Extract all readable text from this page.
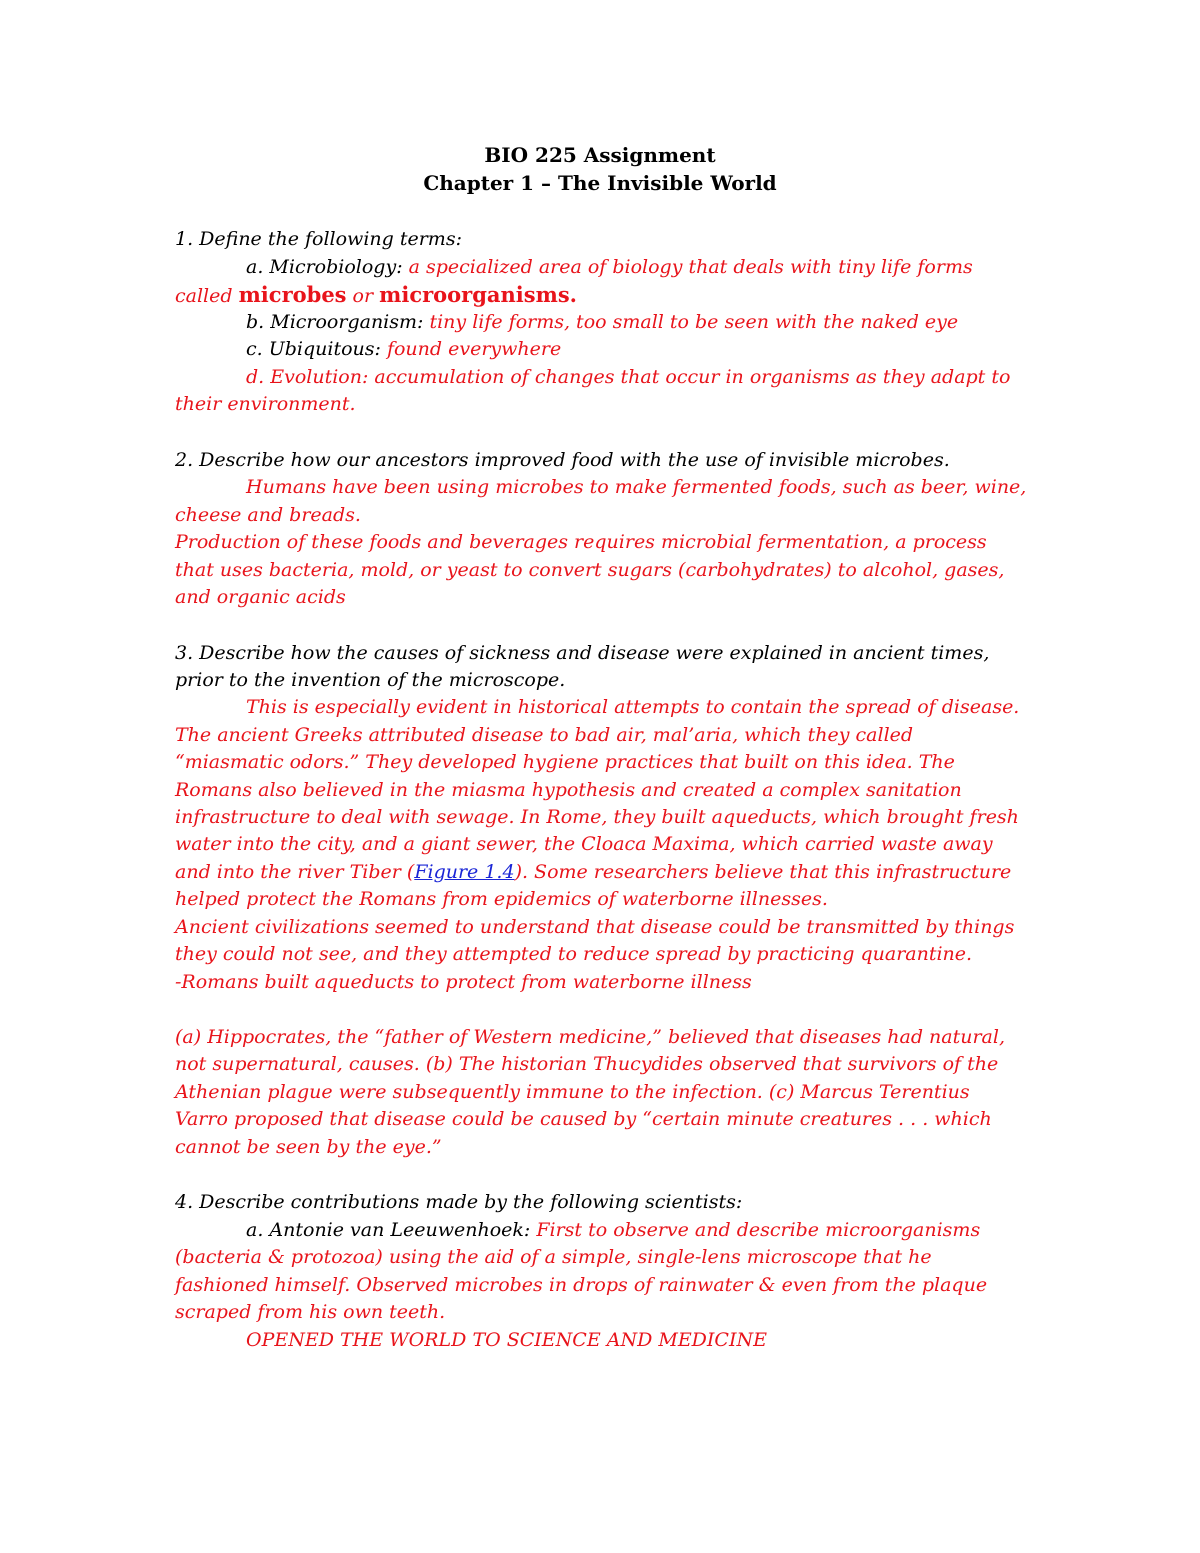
BIO 225 Assignment
Chapter 1 – The Invisible World
1. Define the following terms:
a. Microbiology: a specialized area of biology that deals with tiny life forms
called microbes or microorganisms.
b. Microorganism: tiny life forms, too small to be seen with the naked eye
c. Ubiquitous: found everywhere
d. Evolution: accumulation of changes that occur in organisms as they adapt to
their environment.
2. Describe how our ancestors improved food with the use of invisible microbes.
Humans have been using microbes to make fermented foods, such as beer, wine,
cheese and breads.
Production of these foods and beverages requires microbial fermentation, a process
that uses bacteria, mold, or yeast to convert sugars (carbohydrates) to alcohol, gases,
and organic acids
3. Describe how the causes of sickness and disease were explained in ancient times,
prior to the invention of the microscope.
This is especially evident in historical attempts to contain the spread of disease.
The ancient Greeks attributed disease to bad air, mal’aria, which they called
“miasmatic odors.” They developed hygiene practices that built on this idea. The
Romans also believed in the miasma hypothesis and created a complex sanitation
infrastructure to deal with sewage. In Rome, they built aqueducts, which brought fresh
water into the city, and a giant sewer, the Cloaca Maxima, which carried waste away
and into the river Tiber (Figure 1.4). Some researchers believe that this infrastructure
helped protect the Romans from epidemics of waterborne illnesses.
Ancient civilizations seemed to understand that disease could be transmitted by things
they could not see, and they attempted to reduce spread by practicing quarantine.
-Romans built aqueducts to protect from waterborne illness
(a) Hippocrates, the “father of Western medicine,” believed that diseases had natural,
not supernatural, causes. (b) The historian Thucydides observed that survivors of the
Athenian plague were subsequently immune to the infection. (c) Marcus Terentius
Varro proposed that disease could be caused by “certain minute creatures . . . which
cannot be seen by the eye.”
4. Describe contributions made by the following scientists:
a. Antonie van Leeuwenhoek: First to observe and describe microorganisms
(bacteria & protozoa) using the aid of a simple, single-lens microscope that he
fashioned himself. Observed microbes in drops of rainwater & even from the plaque
scraped from his own teeth.
OPENED THE WORLD TO SCIENCE AND MEDICINE
